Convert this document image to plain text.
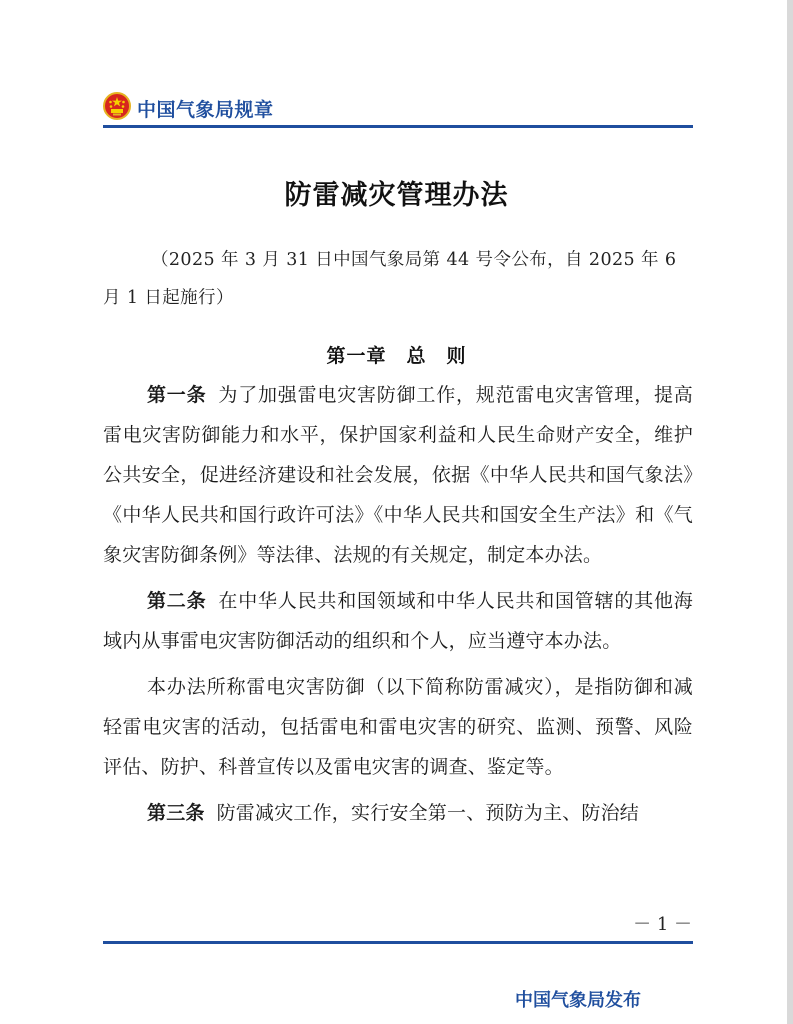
中国气象局规章
防雷减灾管理办法
（2025 年 3 月 31 日中国气象局第 44 号令公布，自 2025 年 6 月 1 日起施行）
第一章　总　则

第一条 为了加强雷电灾害防御工作，规范雷电灾害管理，提高雷电灾害防御能力和水平，保护国家利益和人民生命财产安全，维护公共安全，促进经济建设和社会发展，依据《中华人民共和国气象法》《中华人民共和国行政许可法》《中华人民共和国安全生产法》和《气象灾害防御条例》等法律、法规的有关规定，制定本办法。

第二条 在中华人民共和国领域和中华人民共和国管辖的其他海域内从事雷电灾害防御活动的组织和个人，应当遵守本办法。

本办法所称雷电灾害防御（以下简称防雷减灾），是指防御和减轻雷电灾害的活动，包括雷电和雷电灾害的研究、监测、预警、风险评估、防护、科普宣传以及雷电灾害的调查、鉴定等。

第三条 防雷减灾工作，实行安全第一、预防为主、防治结

－ 1 －
中国气象局发布
